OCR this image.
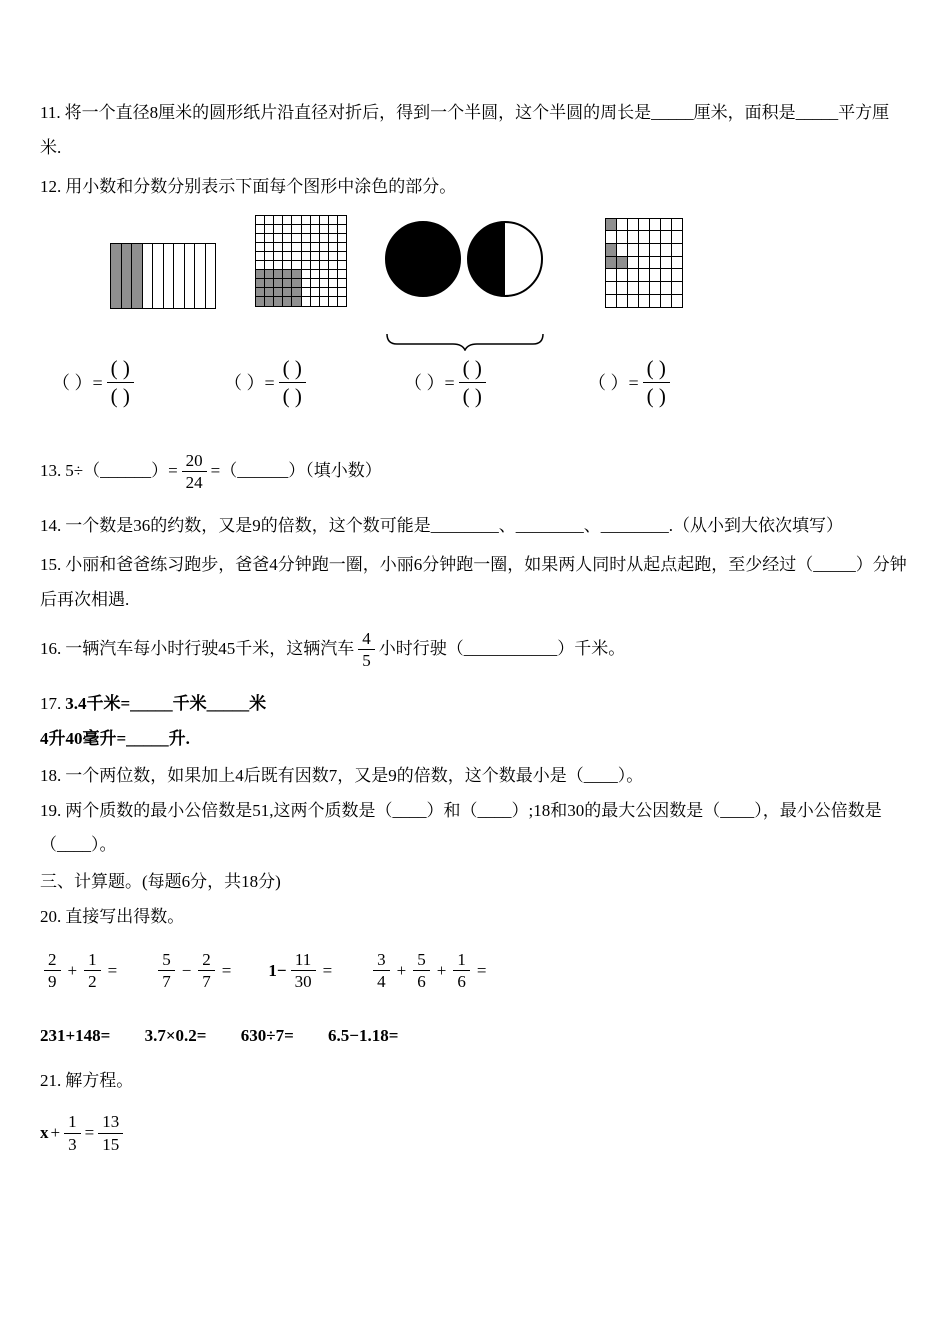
11. 将一个直径8厘米的圆形纸片沿直径对折后，得到一个半圆，这个半圆的周长是_____厘米，面积是_____平方厘米.

12. 用小数和分数分别表示下面每个图形中涂色的部分。

（ ）= $\frac{( )}{( )}$	（ ）= $\frac{( )}{( )}$	（ ）= $\frac{( )}{( )}$	（ ）= $\frac{( )}{( )}$
13. 5÷（______）= $\frac{20}{24}$ =（______）（填小数）

14. 一个数是36的约数，又是9的倍数，这个数可能是________、________、________.（从小到大依次填写）

15. 小丽和爸爸练习跑步，爸爸4分钟跑一圈，小丽6分钟跑一圈，如果两人同时从起点起跑，至少经过（_____）分钟后再次相遇.

16. 一辆汽车每小时行驶45千米，这辆汽车 $\frac{4}{5}$ 小时行驶（___________）千米。

17. 3.4千米=_____千米_____米
4升40毫升=_____升.

18. 一个两位数，如果加上4后既有因数7，又是9的倍数，这个数最小是（____）。

19. 两个质数的最小公倍数是51,这两个质数是（____）和（____）;18和30的最大公因数是（____），最小公倍数是（____）。

三、计算题。(每题6分，共18分)

20. 直接写出得数。

$\frac{2}{9} + \frac{1}{2} = \frac{5}{7} - \frac{2}{7} = 1- \frac{11}{30} = \frac{3}{4} + \frac{5}{6} + \frac{1}{6}$ =
231+148= 3.7×0.2= 630÷7= 6.5−1.18=

21. 解方程。

$x + \frac{1}{3} = \frac{13}{15}$
